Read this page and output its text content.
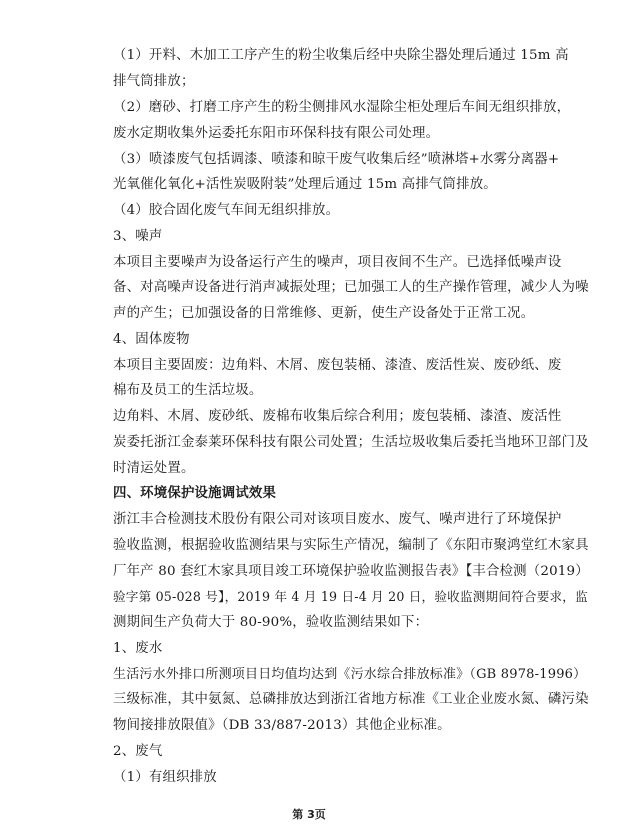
（1）开料、木加工工序产生的粉尘收集后经中央除尘器处理后通过 15m 高
排气筒排放；
（2）磨砂、打磨工序产生的粉尘侧排风水湿除尘柜处理后车间无组织排放，
废水定期收集外运委托东阳市环保科技有限公司处理。
（3）喷漆废气包括调漆、喷漆和晾干废气收集后经”喷淋塔+水雾分离器+
光氧催化氧化+活性炭吸附装”处理后通过 15m 高排气筒排放。
（4）胶合固化废气车间无组织排放。
3、噪声
本项目主要噪声为设备运行产生的噪声，项目夜间不生产。已选择低噪声设
备、对高噪声设备进行消声减振处理；已加强工人的生产操作管理，减少人为噪
声的产生；已加强设备的日常维修、更新，使生产设备处于正常工况。
4、固体废物
本项目主要固废：边角料、木屑、废包装桶、漆渣、废活性炭、废砂纸、废
棉布及员工的生活垃圾。
边角料、木屑、废砂纸、废棉布收集后综合利用；废包装桶、漆渣、废活性
炭委托浙江金泰莱环保科技有限公司处置；生活垃圾收集后委托当地环卫部门及
时清运处置。
四、环境保护设施调试效果
浙江丰合检测技术股份有限公司对该项目废水、废气、噪声进行了环境保护
验收监测，根据验收监测结果与实际生产情况，编制了《东阳市聚鸿堂红木家具
厂年产 80 套红木家具项目竣工环境保护验收监测报告表》【丰合检测（2019）
验字第 05-028 号】，2019 年 4 月 19 日-4 月 20 日，验收监测期间符合要求，监
测期间生产负荷大于 80-90%，验收监测结果如下：
1、废水
生活污水外排口所测项目日均值均达到《污水综合排放标准》（GB 8978-1996）
三级标准，其中氨氮、总磷排放达到浙江省地方标准《工业企业废水氮、磷污染
物间接排放限值》（DB 33/887-2013）其他企业标准。
2、废气
（1）有组织排放
第 3页
